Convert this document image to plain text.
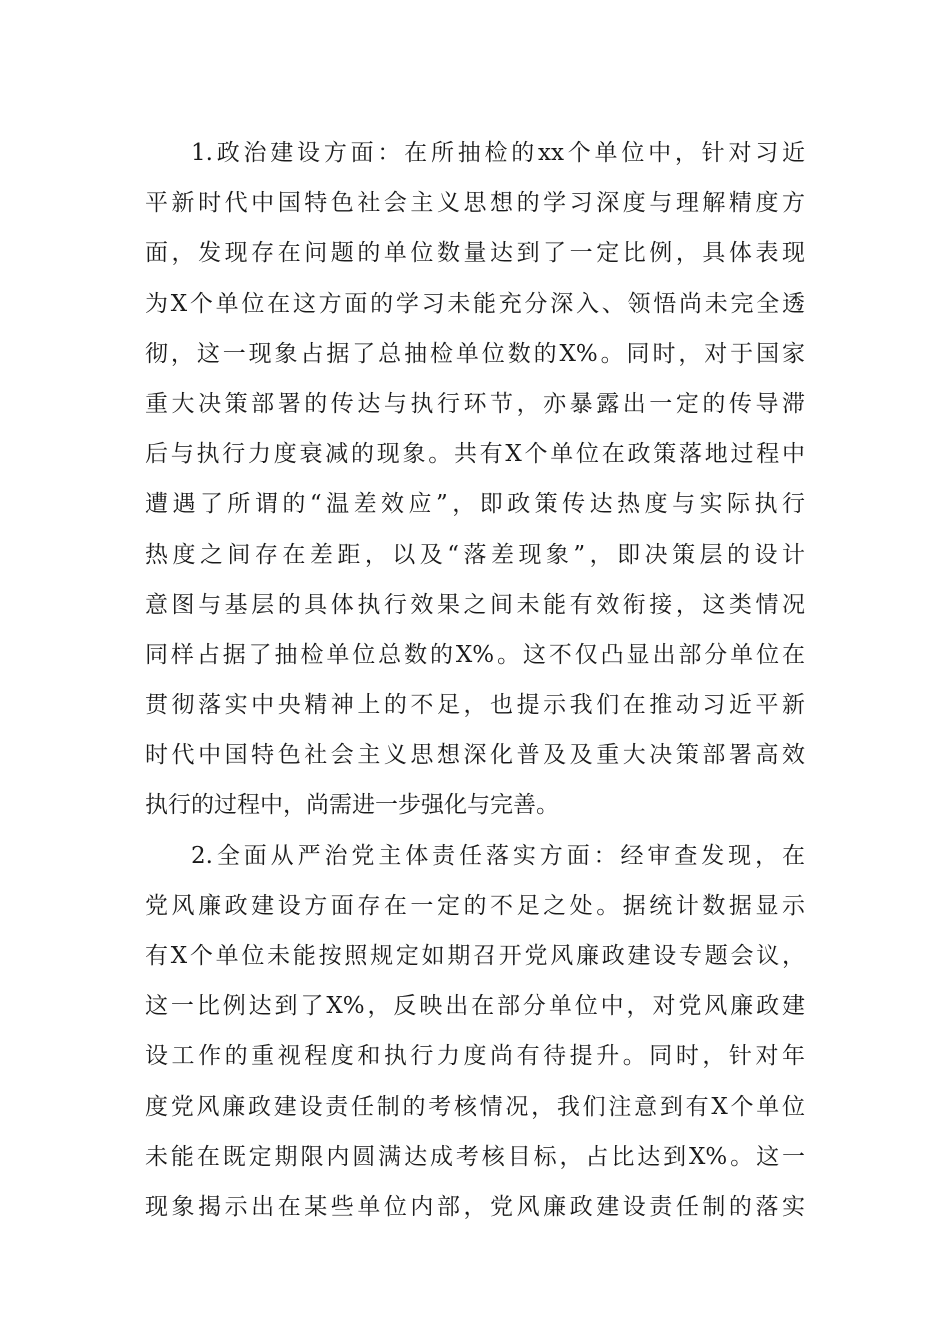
1.政治建设方面：在所抽检的xx个单位中，针对习近
平新时代中国特色社会主义思想的学习深度与理解精度方
面，发现存在问题的单位数量达到了一定比例，具体表现
为X个单位在这方面的学习未能充分深入、领悟尚未完全透
彻，这一现象占据了总抽检单位数的X%。同时，对于国家
重大决策部署的传达与执行环节，亦暴露出一定的传导滞
后与执行力度衰减的现象。共有X个单位在政策落地过程中
遭遇了所谓的“温差效应”，即政策传达热度与实际执行
热度之间存在差距，以及“落差现象”，即决策层的设计
意图与基层的具体执行效果之间未能有效衔接，这类情况
同样占据了抽检单位总数的X%。这不仅凸显出部分单位在
贯彻落实中央精神上的不足，也提示我们在推动习近平新
时代中国特色社会主义思想深化普及及重大决策部署高效
执行的过程中，尚需进一步强化与完善。
2.全面从严治党主体责任落实方面：经审查发现，在
党风廉政建设方面存在一定的不足之处。据统计数据显示
有X个单位未能按照规定如期召开党风廉政建设专题会议，
这一比例达到了X%，反映出在部分单位中，对党风廉政建
设工作的重视程度和执行力度尚有待提升。同时，针对年
度党风廉政建设责任制的考核情况，我们注意到有X个单位
未能在既定期限内圆满达成考核目标，占比达到X%。这一
现象揭示出在某些单位内部，党风廉政建设责任制的落实
